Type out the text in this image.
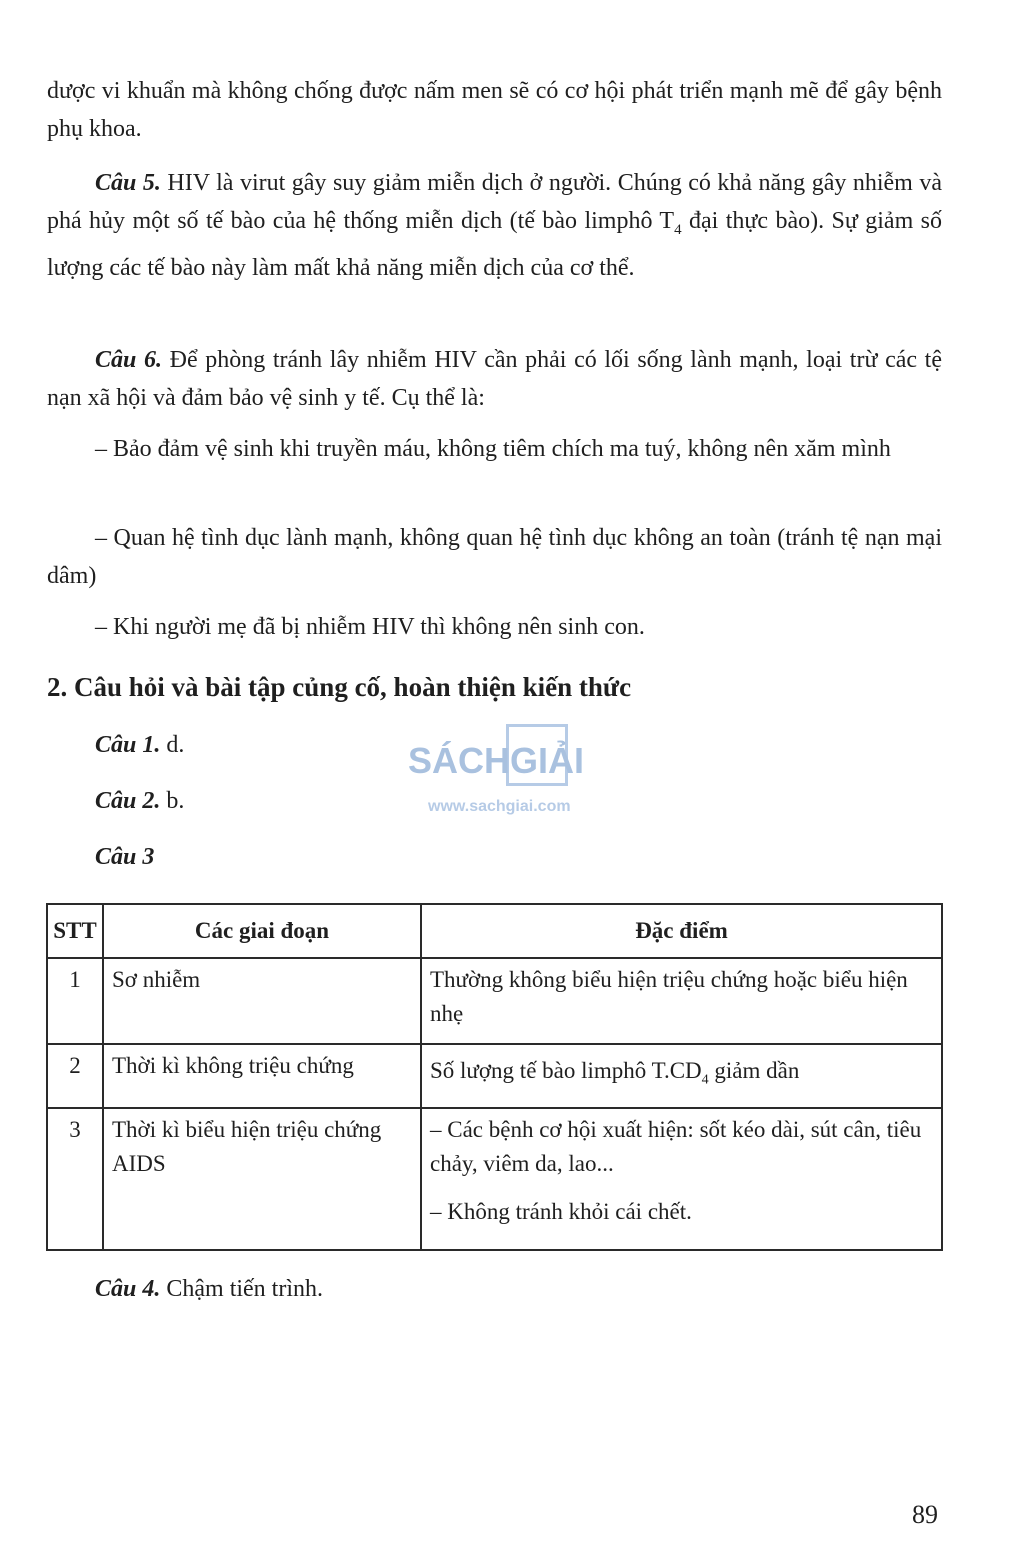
dược vi khuẩn mà không chống được nấm men sẽ có cơ hội phát triển mạnh mẽ để gây bệnh phụ khoa.

Câu 5. HIV là virut gây suy giảm miễn dịch ở người. Chúng có khả năng gây nhiễm và phá hủy một số tế bào của hệ thống miễn dịch (tế bào limphô $T_4$ đại thực bào). Sự giảm số lượng các tế bào này làm mất khả năng miễn dịch của cơ thể.

Câu 6. Để phòng tránh lây nhiễm HIV cần phải có lối sống lành mạnh, loại trừ các tệ nạn xã hội và đảm bảo vệ sinh y tế. Cụ thể là:

– Bảo đảm vệ sinh khi truyền máu, không tiêm chích ma tuý, không nên xăm mình

– Quan hệ tình dục lành mạnh, không quan hệ tình dục không an toàn (tránh tệ nạn mại dâm)

– Khi người mẹ đã bị nhiễm HIV thì không nên sinh con.

2. Câu hỏi và bài tập củng cố, hoàn thiện kiến thức

Câu 1. d.

Câu 2. b.

Câu 3

SÁCHGIẢI
www.sachgiai.com
STT	Các giai đoạn	Đặc điểm
1	Sơ nhiễm	Thường không biểu hiện triệu chứng hoặc biểu hiện nhẹ

2	Thời kì không triệu chứng	Số lượng tế bào limphô $T.CD_4$ giảm dần
3	Thời kì biểu hiện triệu chứng AIDS	– Các bệnh cơ hội xuất hiện: sốt kéo dài, sút cân, tiêu chảy, viêm da, lao...

– Không tránh khỏi cái chết.

Câu 4. Chậm tiến trình.

89
